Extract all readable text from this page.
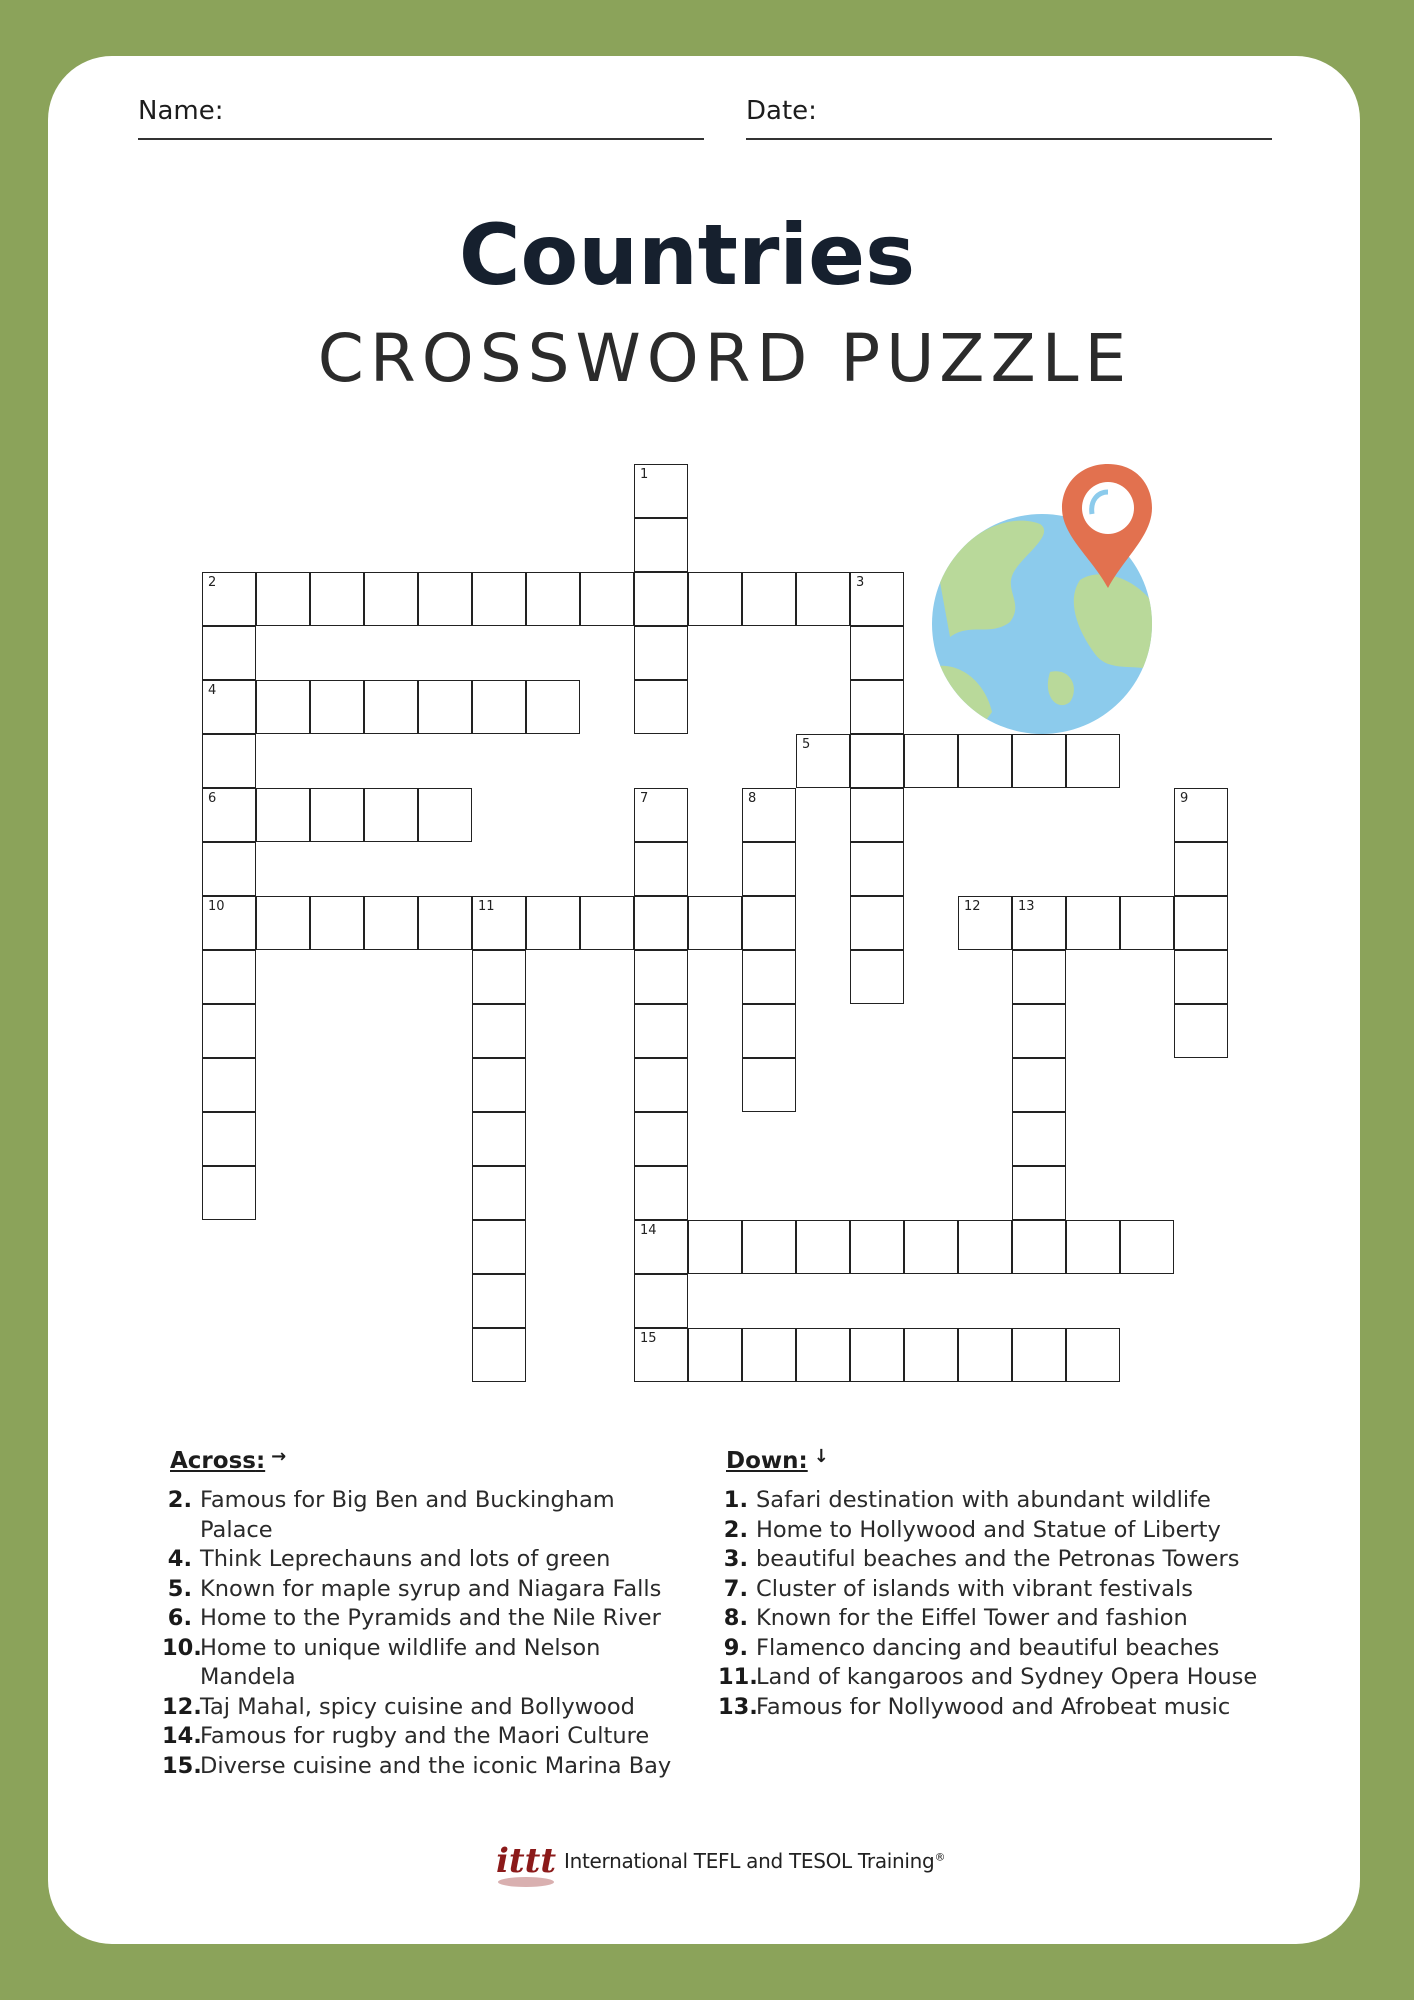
Name:	Date:
Countries
CROSSWORD PUZZLE
1
2	3
4
6
10
5
7
14
15
8	9
11	12	13
Across: →
2. Famous for Big Ben and Buckingham Palace
4. Think Leprechauns and lots of green
5. Known for maple syrup and Niagara Falls
6. Home to the Pyramids and the Nile River
10.
Home to unique wildlife and Nelson Mandela
12.
Taj Mahal, spicy cuisine and Bollywood
14.
Famous for rugby and the Maori Culture
15.
Diverse cuisine and the iconic Marina Bay
Down: ↓
1. Safari destination with abundant wildlife
2. Home to Hollywood and Statue of Liberty
3. beautiful beaches and the Petronas Towers
7. Cluster of islands with vibrant festivals
8. Known for the Eiffel Tower and fashion
9. Flamenco dancing and beautiful beaches
11.
Land of kangaroos and Sydney Opera House
13.
Famous for Nollywood and Afrobeat music
ittt International TEFL and TESOL Training®
